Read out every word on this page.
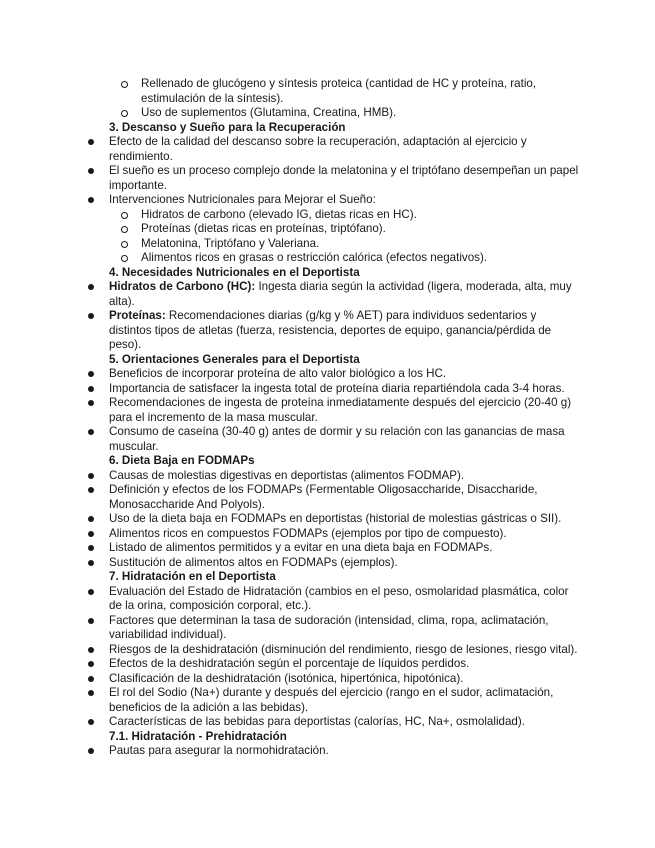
Rellenado de glucógeno y síntesis proteica (cantidad de HC y proteína, ratio, estimulación de la síntesis).

Uso de suplementos (Glutamina, Creatina, HMB).

3. Descanso y Sueño para la Recuperación

Efecto de la calidad del descanso sobre la recuperación, adaptación al ejercicio y rendimiento.

El sueño es un proceso complejo donde la melatonina y el triptófano desempeñan un papel importante.

Intervenciones Nutricionales para Mejorar el Sueño:

Hidratos de carbono (elevado IG, dietas ricas en HC).

Proteínas (dietas ricas en proteínas, triptófano).

Melatonina, Triptófano y Valeriana.

Alimentos ricos en grasas o restricción calórica (efectos negativos).

4. Necesidades Nutricionales en el Deportista

Hidratos de Carbono (HC): Ingesta diaria según la actividad (ligera, moderada, alta, muy alta).

Proteínas: Recomendaciones diarias (g/kg y % AET) para individuos sedentarios y distintos tipos de atletas (fuerza, resistencia, deportes de equipo, ganancia/pérdida de peso).

5. Orientaciones Generales para el Deportista

Beneficios de incorporar proteína de alto valor biológico a los HC.

Importancia de satisfacer la ingesta total de proteína diaria repartiéndola cada 3-4 horas.

Recomendaciones de ingesta de proteína inmediatamente después del ejercicio (20-40 g) para el incremento de la masa muscular.

Consumo de caseína (30-40 g) antes de dormir y su relación con las ganancias de masa muscular.

6. Dieta Baja en FODMAPs

Causas de molestias digestivas en deportistas (alimentos FODMAP).

Definición y efectos de los FODMAPs (Fermentable Oligosaccharide, Disaccharide, Monosaccharide And Polyols).

Uso de la dieta baja en FODMAPs en deportistas (historial de molestias gástricas o SII).

Alimentos ricos en compuestos FODMAPs (ejemplos por tipo de compuesto).

Listado de alimentos permitidos y a evitar en una dieta baja en FODMAPs.

Sustitución de alimentos altos en FODMAPs (ejemplos).

7. Hidratación en el Deportista

Evaluación del Estado de Hidratación (cambios en el peso, osmolaridad plasmática, color de la orina, composición corporal, etc.).

Factores que determinan la tasa de sudoración (intensidad, clima, ropa, aclimatación, variabilidad individual).

Riesgos de la deshidratación (disminución del rendimiento, riesgo de lesiones, riesgo vital).

Efectos de la deshidratación según el porcentaje de líquidos perdidos.

Clasificación de la deshidratación (isotónica, hipertónica, hipotónica).

El rol del Sodio (Na+) durante y después del ejercicio (rango en el sudor, aclimatación, beneficios de la adición a las bebidas).

Características de las bebidas para deportistas (calorías, HC, Na+, osmolalidad).

7.1. Hidratación - Prehidratación

Pautas para asegurar la normohidratación.
